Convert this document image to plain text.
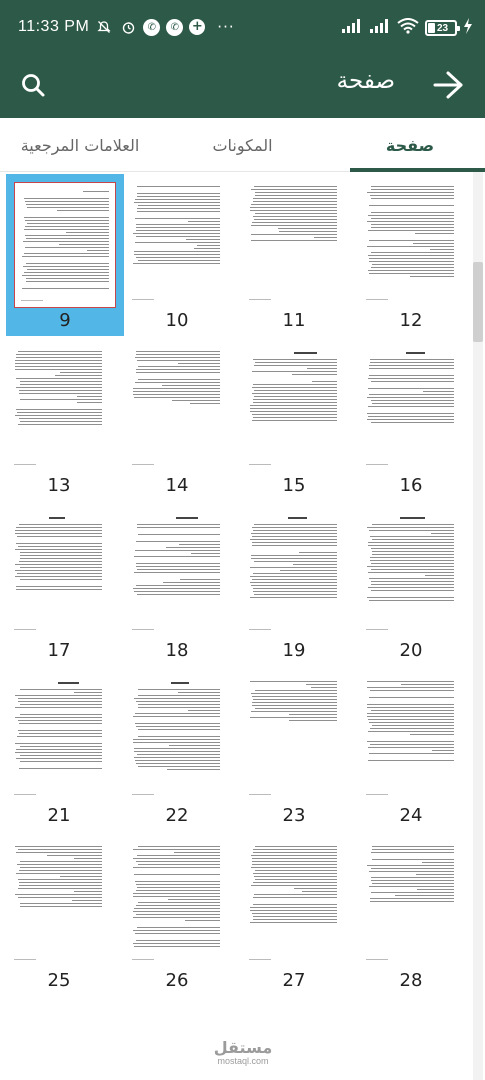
11:33 PM	✆	✆ + ···	23
صفحة
العلامات المرجعية	المكونات	صفحة
9	10	11	12
13	14	15	16
17	18	19	20
21	22	23	24
25	26	27	28
مستقل
mostaql.com
